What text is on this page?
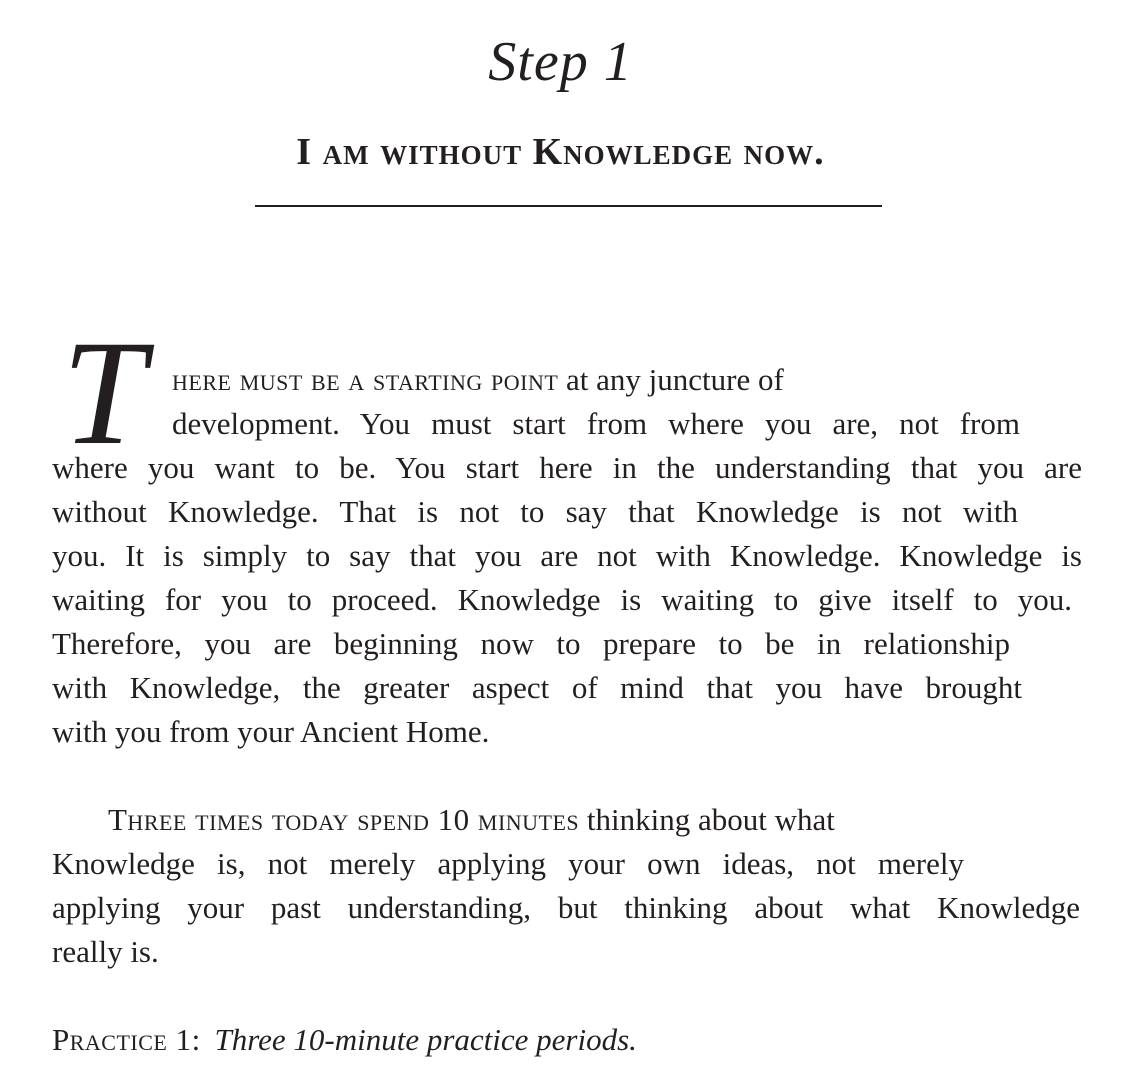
Step 1
I am without Knowledge now.
T here must be a starting point at any juncture of
development. You must start from where you are, not from
where you want to be. You start here in the understanding that you are
without Knowledge. That is not to say that Knowledge is not with
you. It is simply to say that you are not with Knowledge. Knowledge is
waiting for you to proceed. Knowledge is waiting to give itself to you.
Therefore, you are beginning now to prepare to be in relationship
with Knowledge, the greater aspect of mind that you have brought
with you from your Ancient Home.
Three times today spend 10 minutes thinking about what
Knowledge is, not merely applying your own ideas, not merely
applying your past understanding, but thinking about what Knowledge
really is.
Practice 1: Three 10-minute practice periods.
